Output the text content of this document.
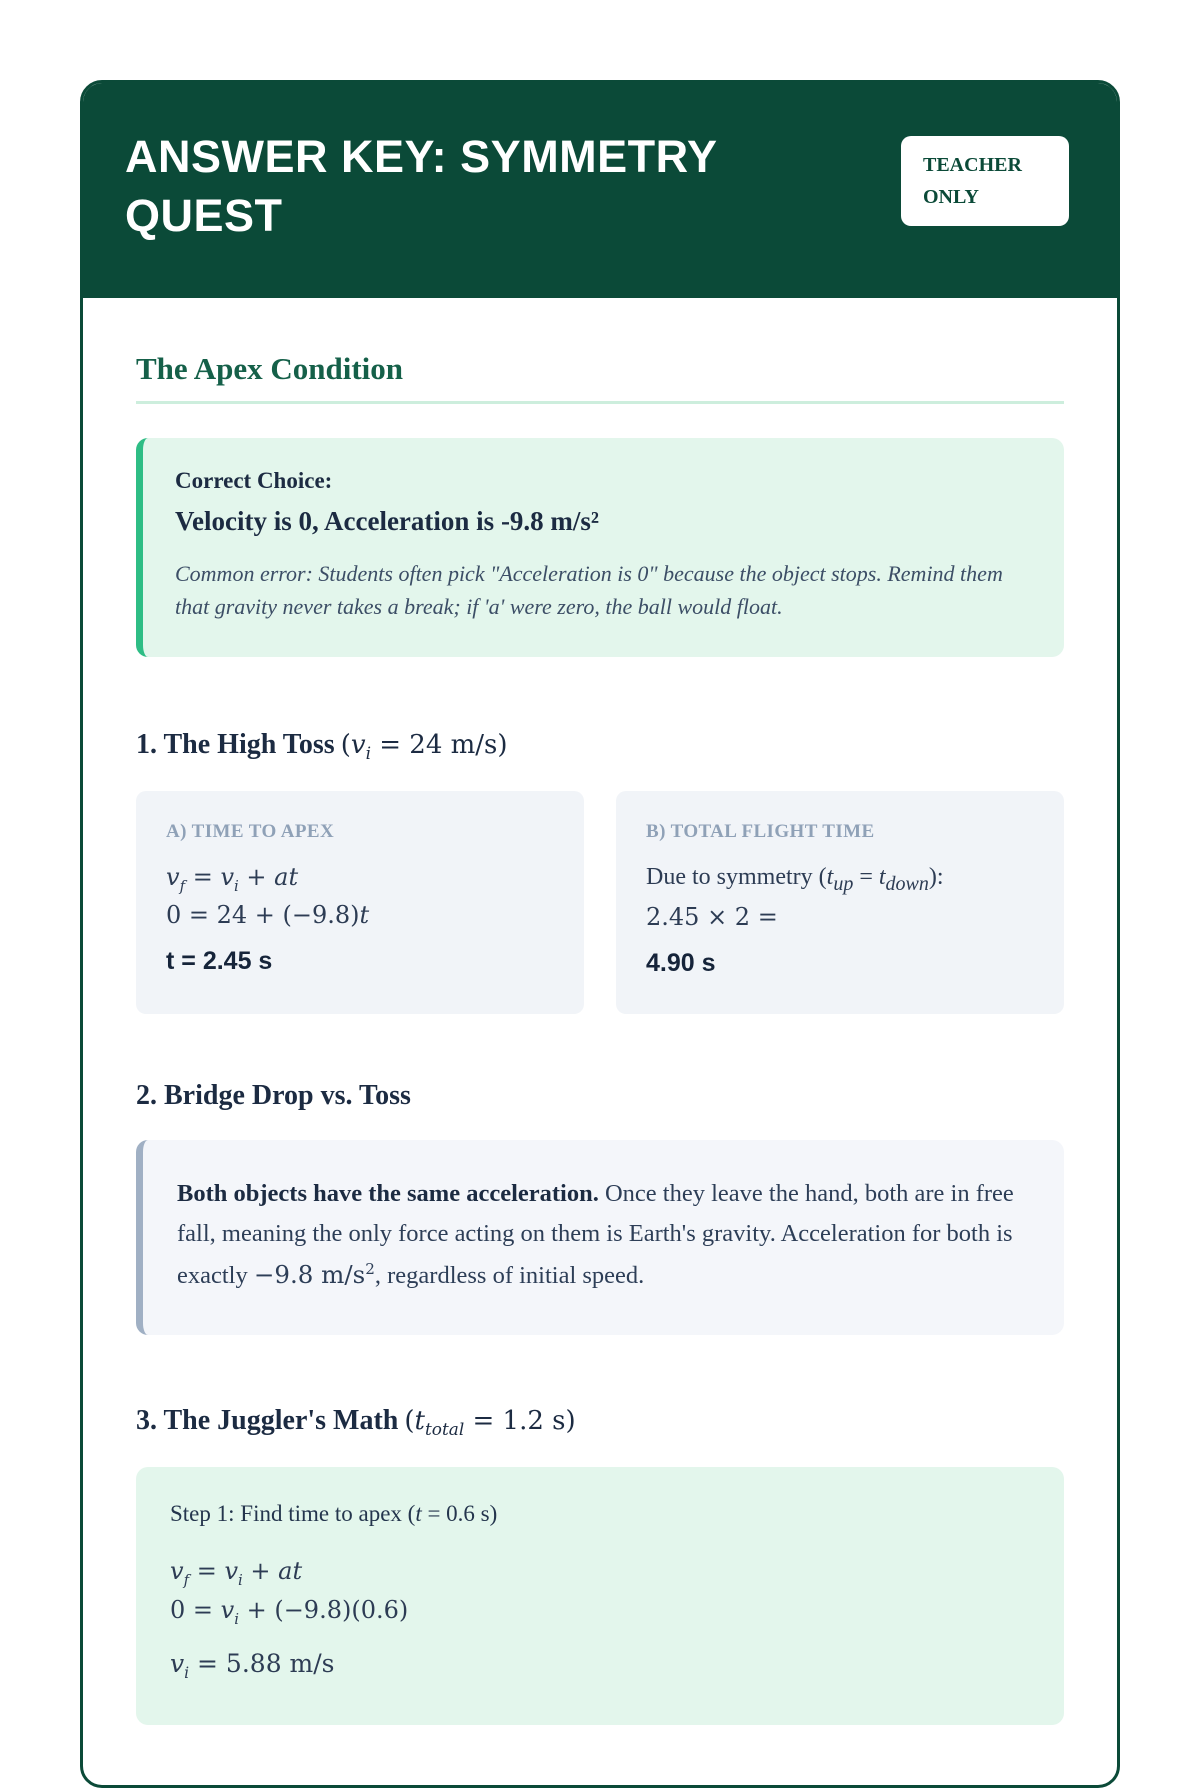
ANSWER KEY: SYMMETRY QUEST
TEACHER ONLY
The Apex Condition

Correct Choice:

Velocity is 0, Acceleration is -9.8 m/s²

Common error: Students often pick "Acceleration is 0" because the object stops. Remind them that gravity never takes a break; if 'a' were zero, the ball would float.

1. The High Toss ($v_i = 24$ m/s)

A) TIME TO APEX

$v_f = v_i$ + at

0 = 24 + (−9.8)t

t = 2.45 s

B) TOTAL FLIGHT TIME

Due to symmetry $(t_{up} = t_{down})$:

2.45 × 2 =

4.90 s

2. Bridge Drop vs. Toss

Both objects have the same acceleration. Once they leave the hand, both are in free fall, meaning the only force acting on them is Earth's gravity. Acceleration for both is exactly −9.8 $m/s^2$, regardless of initial speed.

3. The Juggler's Math ($t_{total} = 1.2$ s)

Step 1: Find time to apex (t = 0.6 s)

$v_f = v_i$ + at

$0 = v_i + (-9.8)(0.6)$

$v_i = 5.88$ m/s
